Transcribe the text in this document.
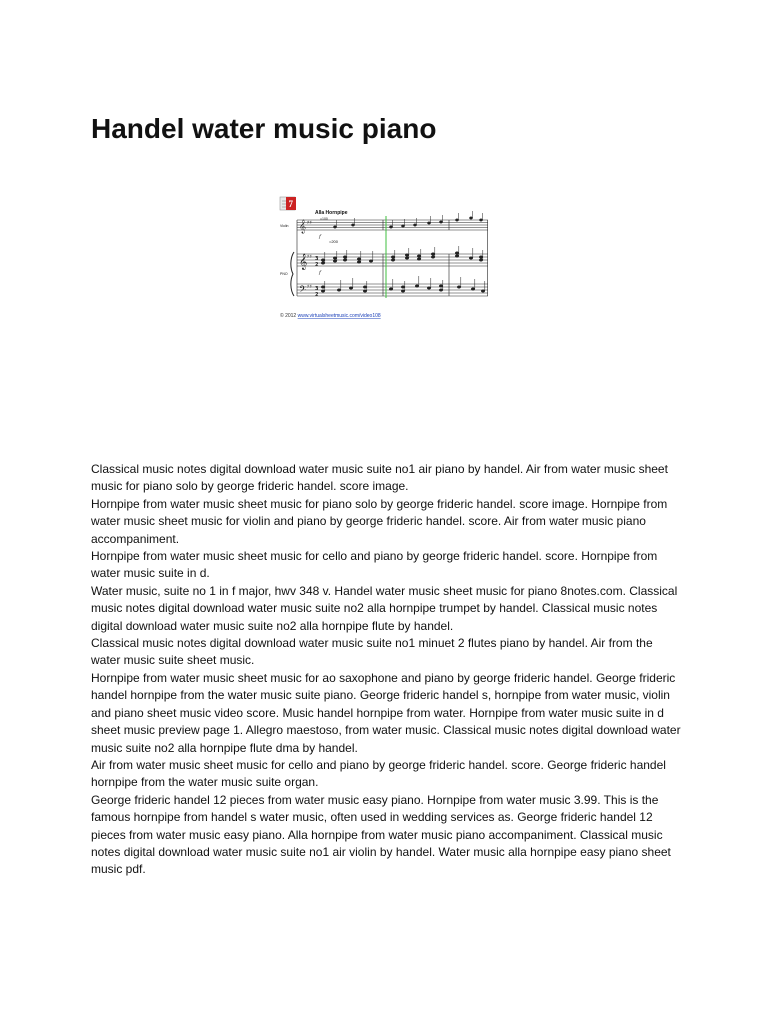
Handel water music piano
7
Alla Hornpipe
=100
=200
Violin
PNO
𝄞
𝄞
𝄢
♯♯
♯♯
♯♯
3
2
3
2
f
f
© 2012 www.virtualsheetmusic.com/video108

Classical music notes digital download water music suite no1 air piano by handel. Air from water music sheet music for piano solo by george frideric handel. score image.

Hornpipe from water music sheet music for piano solo by george frideric handel. score image. Hornpipe from water music sheet music for violin and piano by george frideric handel. score. Air from water music piano accompaniment.

Hornpipe from water music sheet music for cello and piano by george frideric handel. score. Hornpipe from water music suite in d.

Water music, suite no 1 in f major, hwv 348 v. Handel water music sheet music for piano 8notes.com. Classical music notes digital download water music suite no2 alla hornpipe trumpet by handel. Classical music notes digital download water music suite no2 alla hornpipe flute by handel.

Classical music notes digital download water music suite no1 minuet 2 flutes piano by handel. Air from the water music suite sheet music.

Hornpipe from water music sheet music for ao saxophone and piano by george frideric handel. George frideric handel hornpipe from the water music suite piano. George frideric handel s, hornpipe from water music, violin and piano sheet music video score. Music handel hornpipe from water. Hornpipe from water music suite in d sheet music preview page 1. Allegro maestoso, from water music. Classical music notes digital download water music suite no2 alla hornpipe flute dma by handel.

Air from water music sheet music for cello and piano by george frideric handel. score. George frideric handel hornpipe from the water music suite organ.

George frideric handel 12 pieces from water music easy piano. Hornpipe from water music 3.99. This is the famous hornpipe from handel s water music, often used in wedding services as. George frideric handel 12 pieces from water music easy piano. Alla hornpipe from water music piano accompaniment. Classical music notes digital download water music suite no1 air violin by handel. Water music alla hornpipe easy piano sheet music pdf.
